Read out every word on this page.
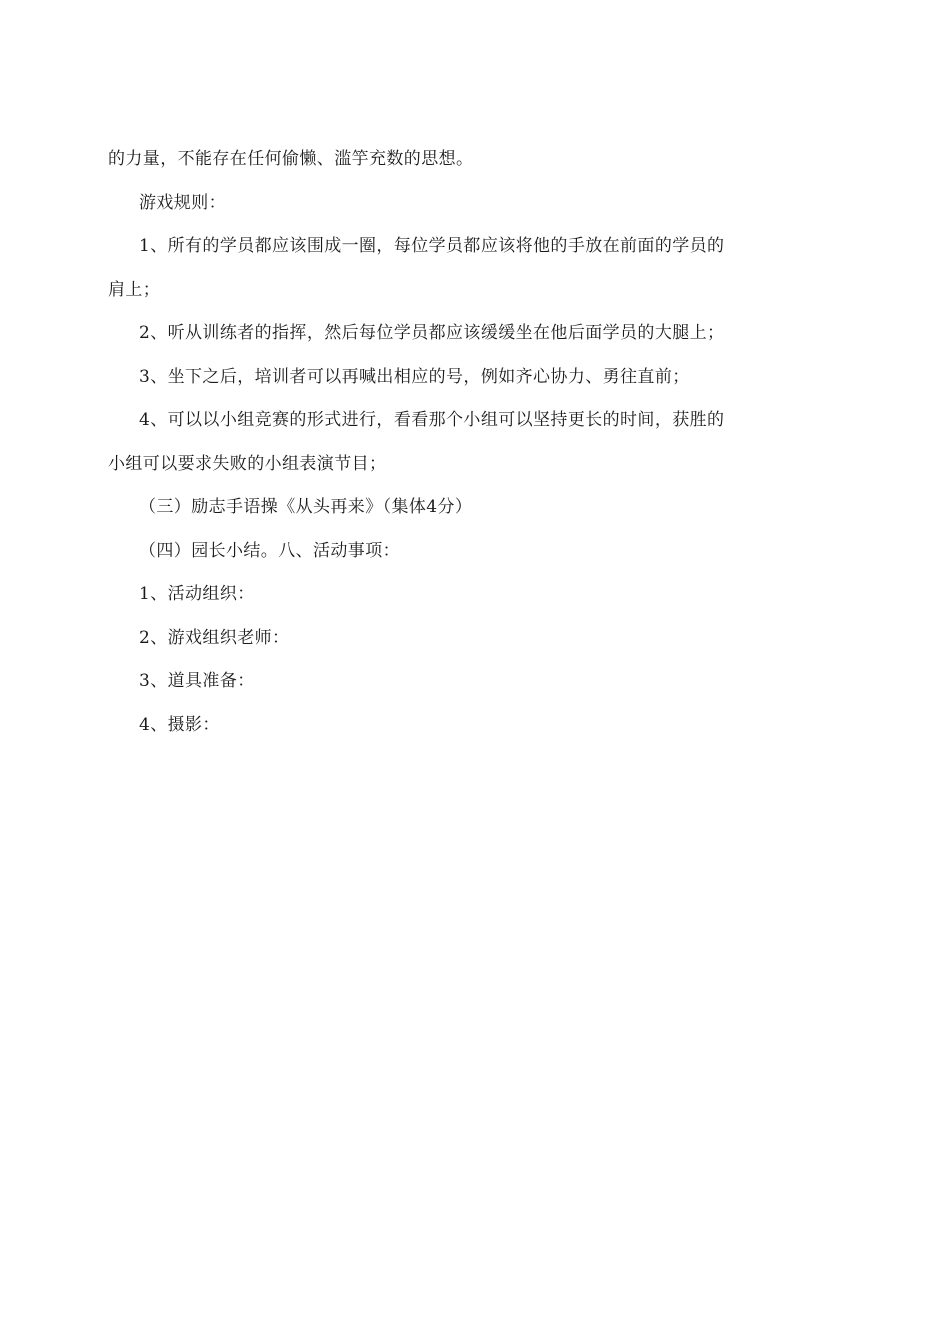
的力量，不能存在任何偷懒、滥竽充数的思想。
游戏规则：
1、所有的学员都应该围成一圈，每位学员都应该将他的手放在前面的学员的
肩上；
2、听从训练者的指挥，然后每位学员都应该缓缓坐在他后面学员的大腿上；
3、坐下之后，培训者可以再喊出相应的号，例如齐心协力、勇往直前；
4、可以以小组竞赛的形式进行，看看那个小组可以坚持更长的时间，获胜的
小组可以要求失败的小组表演节目；
（三）励志手语操《从头再来》（集体4分）
（四）园长小结。八、活动事项：
1、活动组织：
2、游戏组织老师：
3、道具准备：
4、摄影：
